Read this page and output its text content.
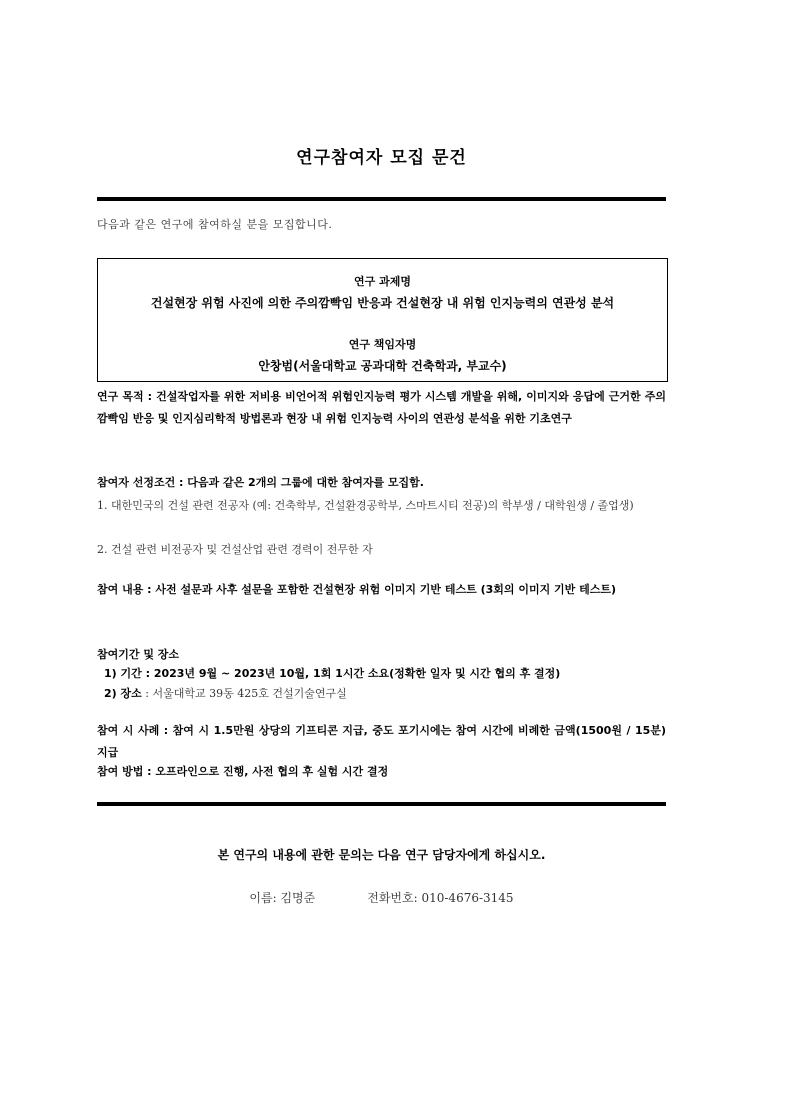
연구참여자 모집 문건
다음과 같은 연구에 참여하실 분을 모집합니다.
연구 과제명
건설현장 위험 사진에 의한 주의깜빡임 반응과 건설현장 내 위험 인지능력의 연관성 분석
연구 책임자명
안창범(서울대학교 공과대학 건축학과, 부교수)
연구 목적 : 건설작업자를 위한 저비용 비언어적 위험인지능력 평가 시스템 개발을 위해, 이미지와 응답에 근거한 주의깜빡임 반응 및 인지심리학적 방법론과 현장 내 위험 인지능력 사이의 연관성 분석을 위한 기초연구
참여자 선정조건 : 다음과 같은 2개의 그룹에 대한 참여자를 모집함.
1. 대한민국의 건설 관련 전공자 (예: 건축학부, 건설환경공학부, 스마트시티 전공)의 학부생 / 대학원생 / 졸업생)
2. 건설 관련 비전공자 및 건설산업 관련 경력이 전무한 자
참여 내용 : 사전 설문과 사후 설문을 포함한 건설현장 위험 이미지 기반 테스트 (3회의 이미지 기반 테스트)
참여기간 및 장소
1) 기간 : 2023년 9월 ~ 2023년 10월, 1회 1시간 소요(정확한 일자 및 시간 협의 후 결정)
2) 장소 : 서울대학교 39동 425호 건설기술연구실
참여 시 사례 : 참여 시 1.5만원 상당의 기프티콘 지급, 중도 포기시에는 참여 시간에 비례한 금액(1500원 / 15분) 지급
참여 방법 : 오프라인으로 진행, 사전 협의 후 실험 시간 결정
본 연구의 내용에 관한 문의는 다음 연구 담당자에게 하십시오.
이름: 김명준	전화번호: 010-4676-3145
